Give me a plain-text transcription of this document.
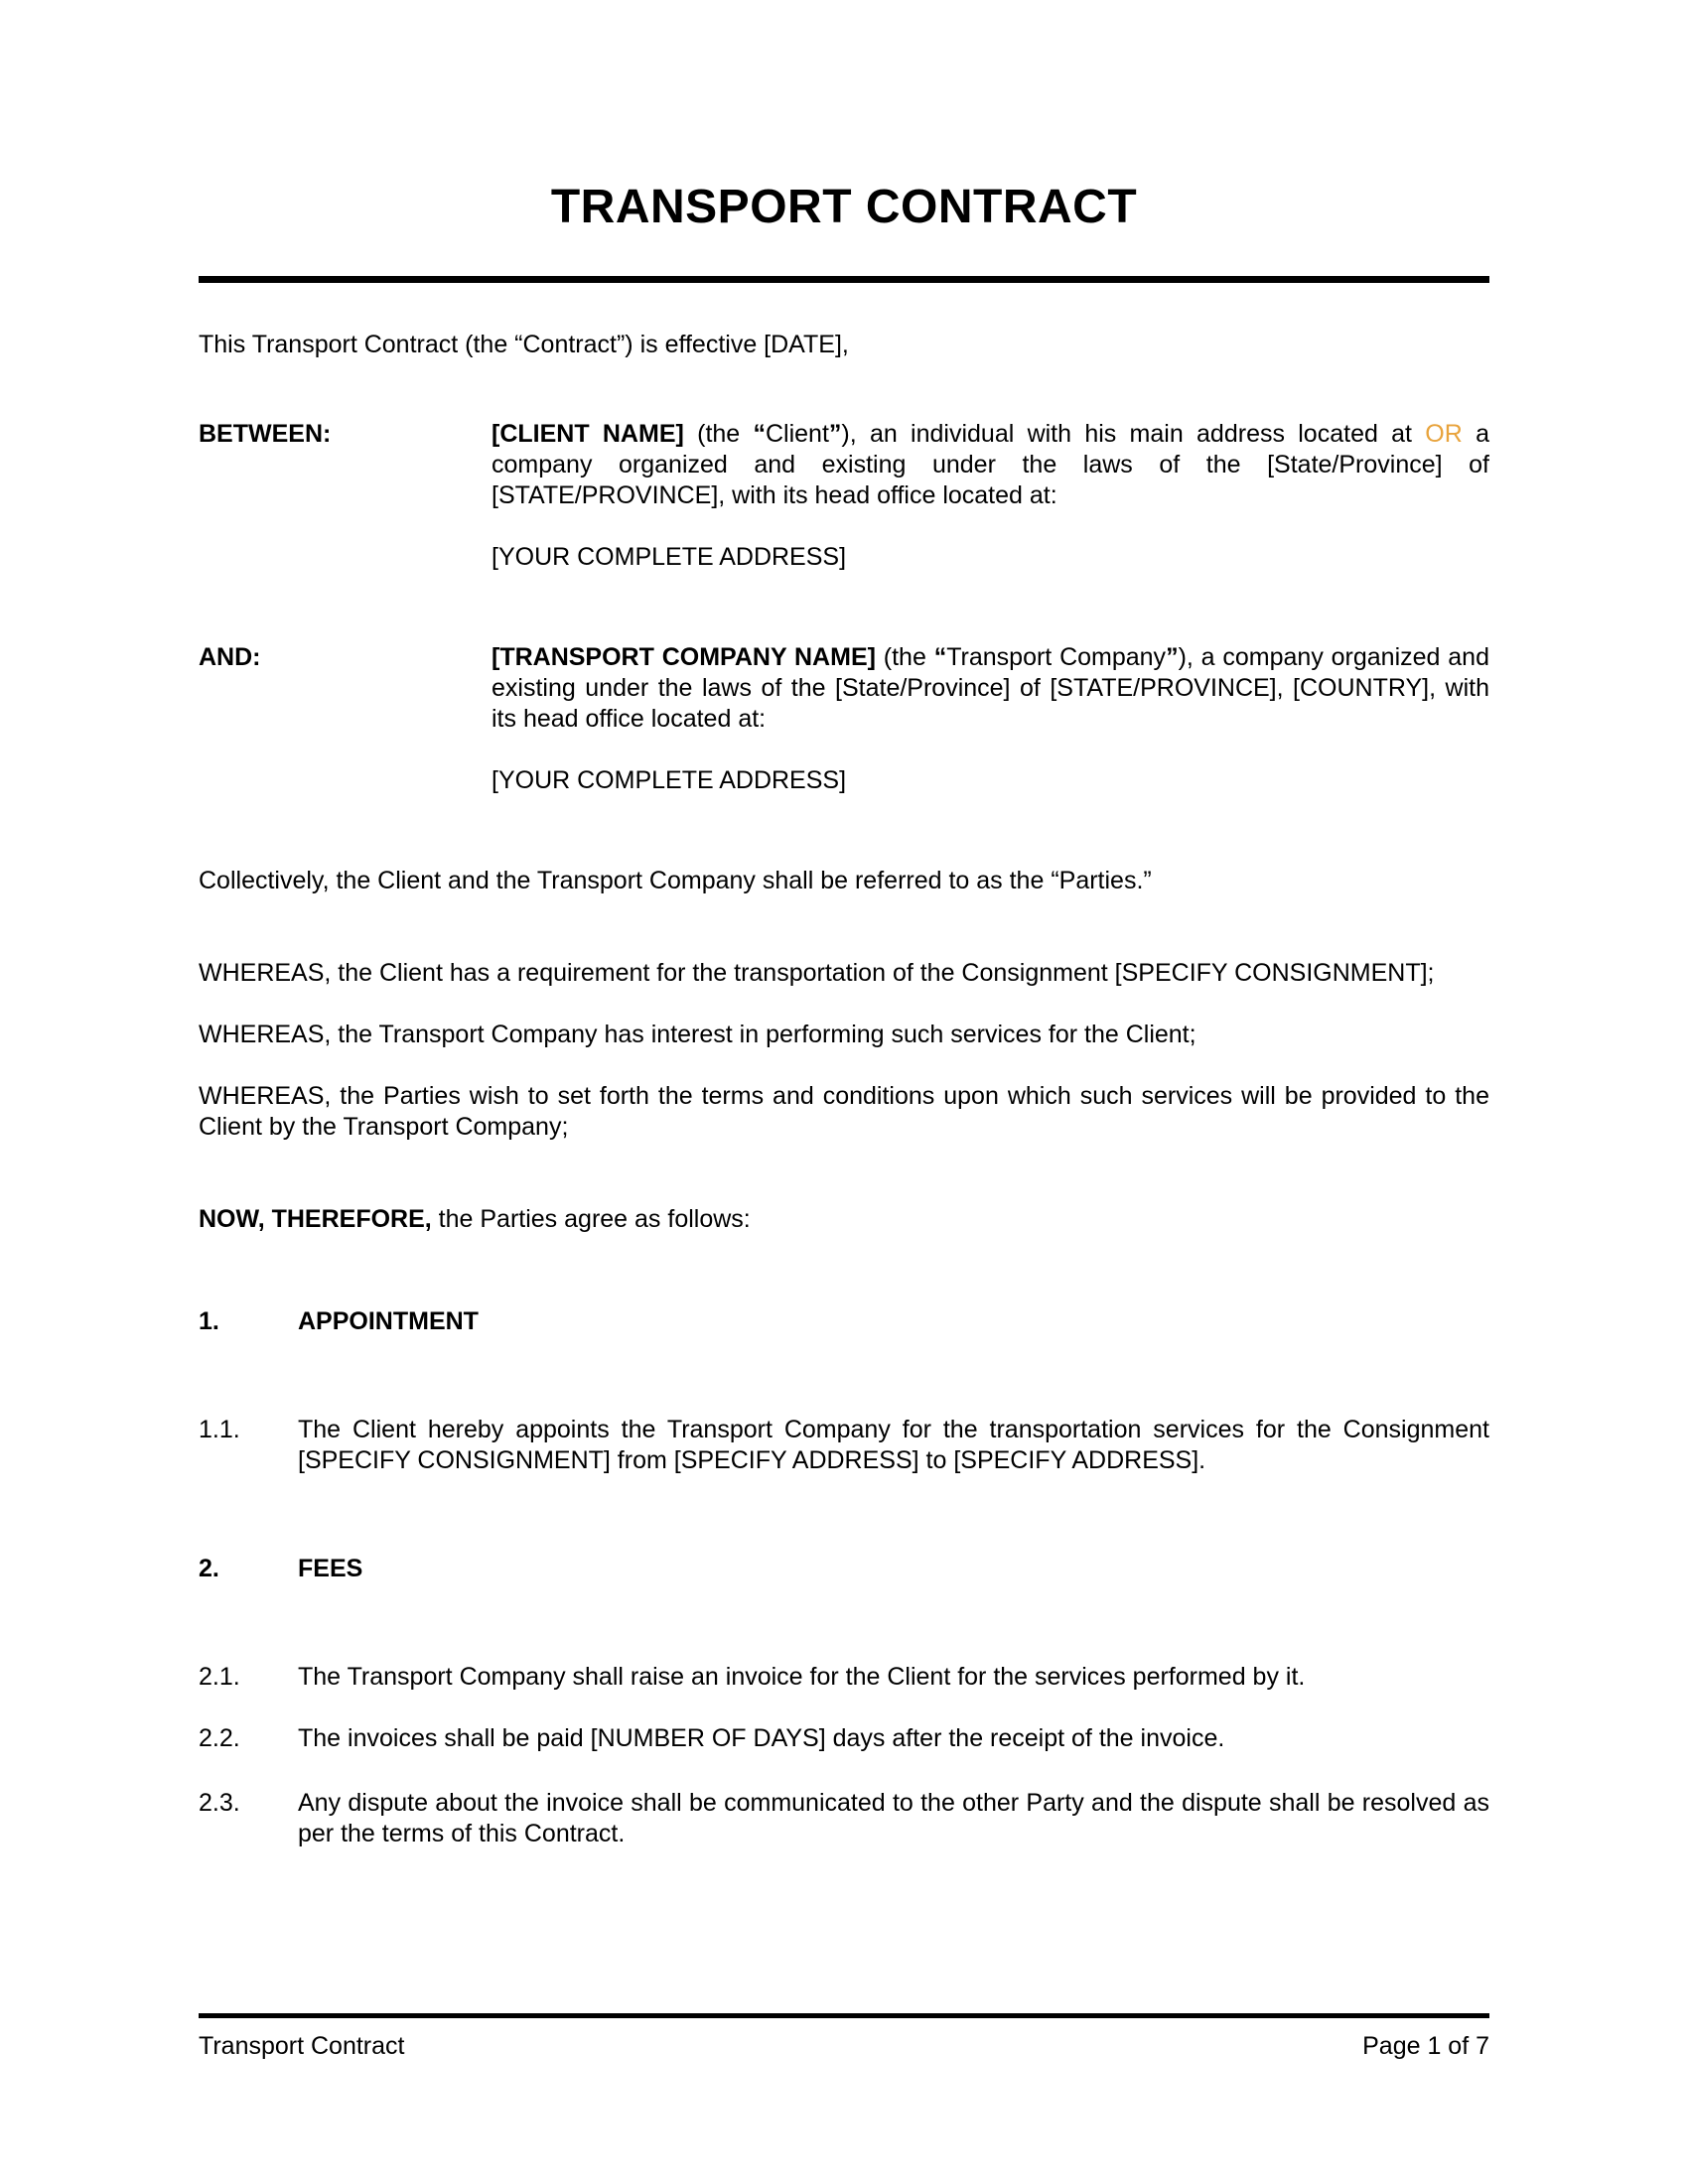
TRANSPORT CONTRACT

This Transport Contract (the “Contract”) is effective [DATE],

BETWEEN:	[CLIENT NAME] (the “Client”), an individual with his main address located at OR a company organized and existing under the laws of the [State/Province] of [STATE/PROVINCE], with its head office located at:

[YOUR COMPLETE ADDRESS]

AND:	[TRANSPORT COMPANY NAME] (the “Transport Company”), a company organized and existing under the laws of the [State/Province] of [STATE/PROVINCE], [COUNTRY], with its head office located at:

[YOUR COMPLETE ADDRESS]

Collectively, the Client and the Transport Company shall be referred to as the “Parties.”

WHEREAS, the Client has a requirement for the transportation of the Consignment [SPECIFY CONSIGNMENT];

WHEREAS, the Transport Company has interest in performing such services for the Client;

WHEREAS, the Parties wish to set forth the terms and conditions upon which such services will be provided to the Client by the Transport Company;

NOW, THEREFORE, the Parties agree as follows:

1.	APPOINTMENT
1.1.	The Client hereby appoints the Transport Company for the transportation services for the Consignment [SPECIFY CONSIGNMENT] from [SPECIFY ADDRESS] to [SPECIFY ADDRESS].
2.	FEES
2.1.	The Transport Company shall raise an invoice for the Client for the services performed by it.
2.2.	The invoices shall be paid [NUMBER OF DAYS] days after the receipt of the invoice.
2.3.	Any dispute about the invoice shall be communicated to the other Party and the dispute shall be resolved as per the terms of this Contract.
Transport Contract	Page 1 of 7
